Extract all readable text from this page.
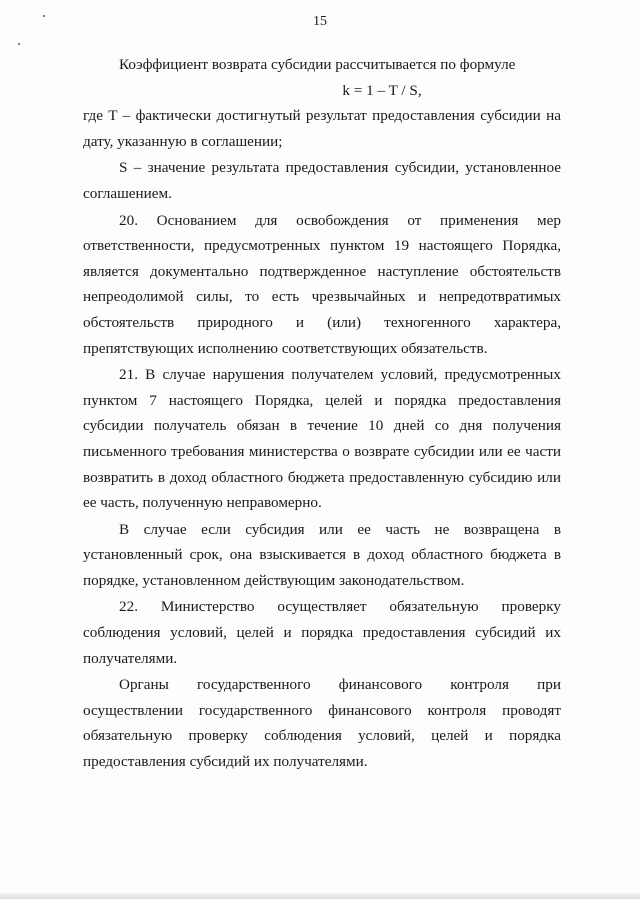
15

Коэффициент возврата субсидии рассчитывается по формуле

k = 1 – T / S,

где T – фактически достигнутый результат предоставления субсидии на дату, указанную в соглашении;

S – значение результата предоставления субсидии, установленное соглашением.

20. Основанием для освобождения от применения мер ответственности, предусмотренных пунктом 19 настоящего Порядка, является документально подтвержденное наступление обстоятельств непреодолимой силы, то есть чрезвычайных и непредотвратимых обстоятельств природного и (или) техногенного характера, препятствующих исполнению соответствующих обязательств.

21. В случае нарушения получателем условий, предусмотренных пунктом 7 настоящего Порядка, целей и порядка предоставления субсидии получатель обязан в течение 10 дней со дня получения письменного требования министерства о возврате субсидии или ее части возвратить в доход областного бюджета предоставленную субсидию или ее часть, полученную неправомерно.

В случае если субсидия или ее часть не возвращена в установленный срок, она взыскивается в доход областного бюджета в порядке, установленном действующим законодательством.

22. Министерство осуществляет обязательную проверку соблюдения условий, целей и порядка предоставления субсидий их получателями.

Органы государственного финансового контроля при осуществлении государственного финансового контроля проводят обязательную проверку соблюдения условий, целей и порядка предоставления субсидий их получателями.
